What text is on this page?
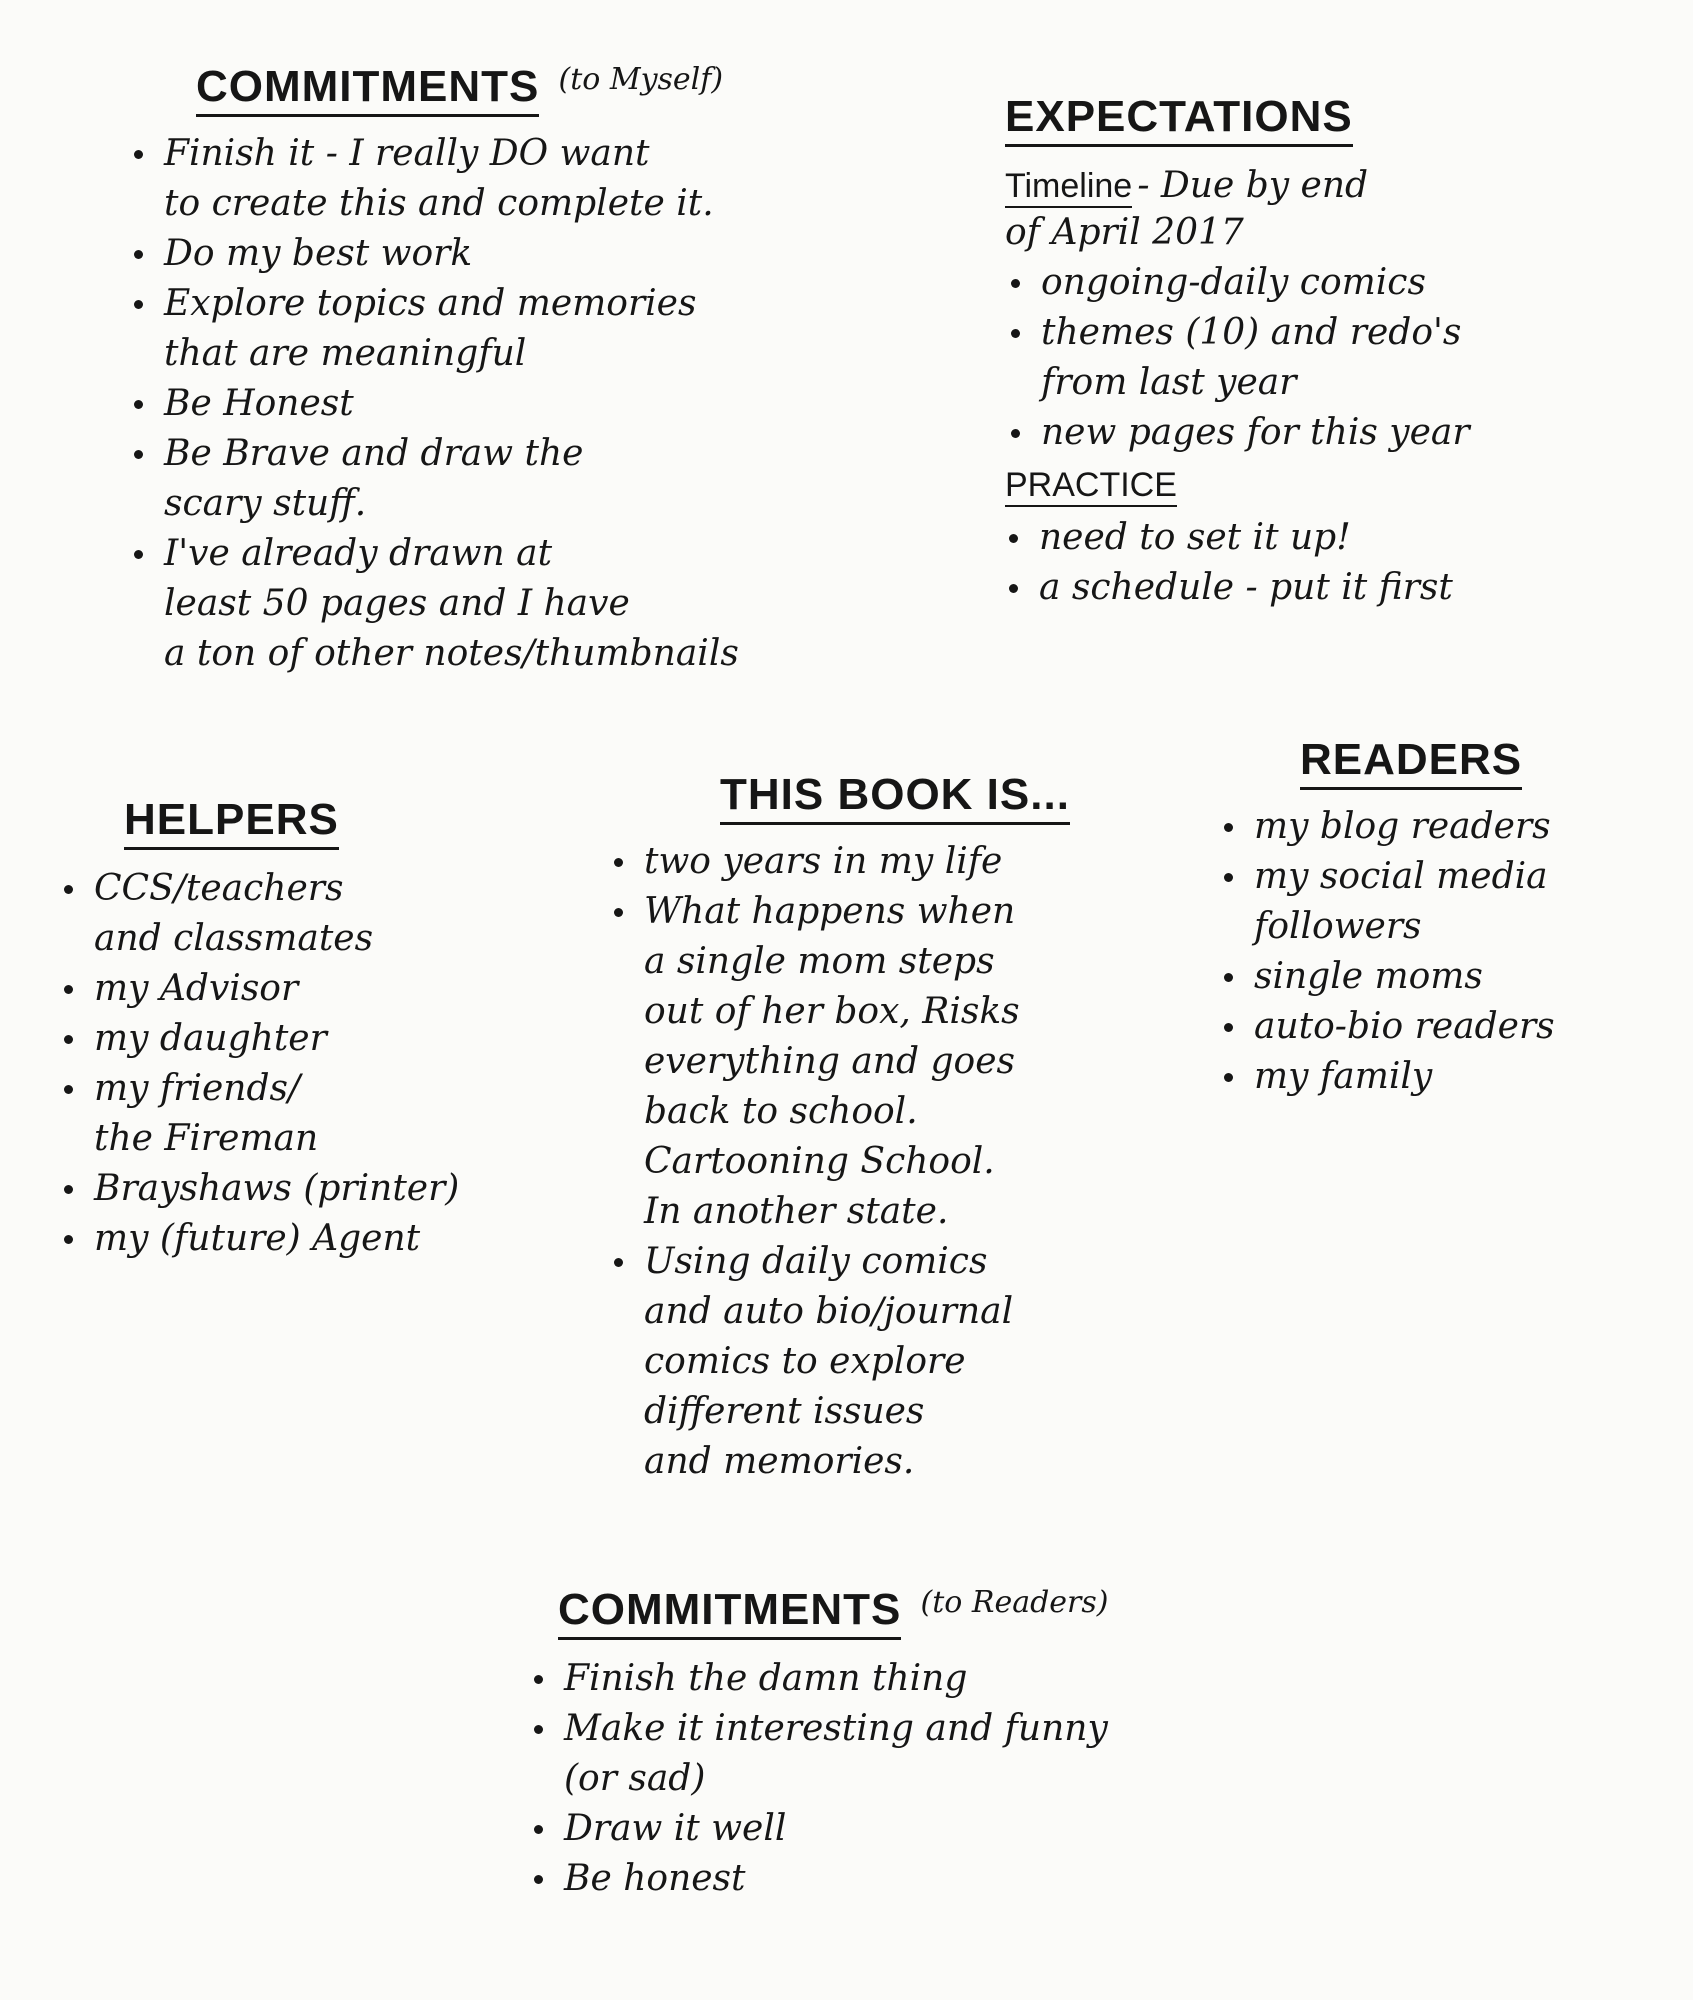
COMMITMENTS (to Myself)
Finish it - I really DO want
to create this and complete it.
Do my best work
Explore topics and memories
that are meaningful
Be Honest
Be Brave and draw the
scary stuff.
I've already drawn at
least 50 pages and I have
a ton of other notes/thumbnails
EXPECTATIONS
Timeline - Due by end
of April 2017
ongoing-daily comics
themes (10) and redo's
from last year
new pages for this year
PRACTICE
need to set it up!
a schedule - put it first
HELPERS
CCS/teachers
and classmates
my Advisor
my daughter
my friends/
the Fireman
Brayshaws (printer)
my (future) Agent
THIS BOOK IS...
two years in my life
What happens when
a single mom steps
out of her box, Risks
everything and goes
back to school.
Cartooning School.
In another state.
Using daily comics
and auto bio/journal
comics to explore
different issues
and memories.
READERS
my blog readers
my social media
followers
single moms
auto-bio readers
my family
COMMITMENTS (to Readers)
Finish the damn thing
Make it interesting and funny
(or sad)
Draw it well
Be honest
